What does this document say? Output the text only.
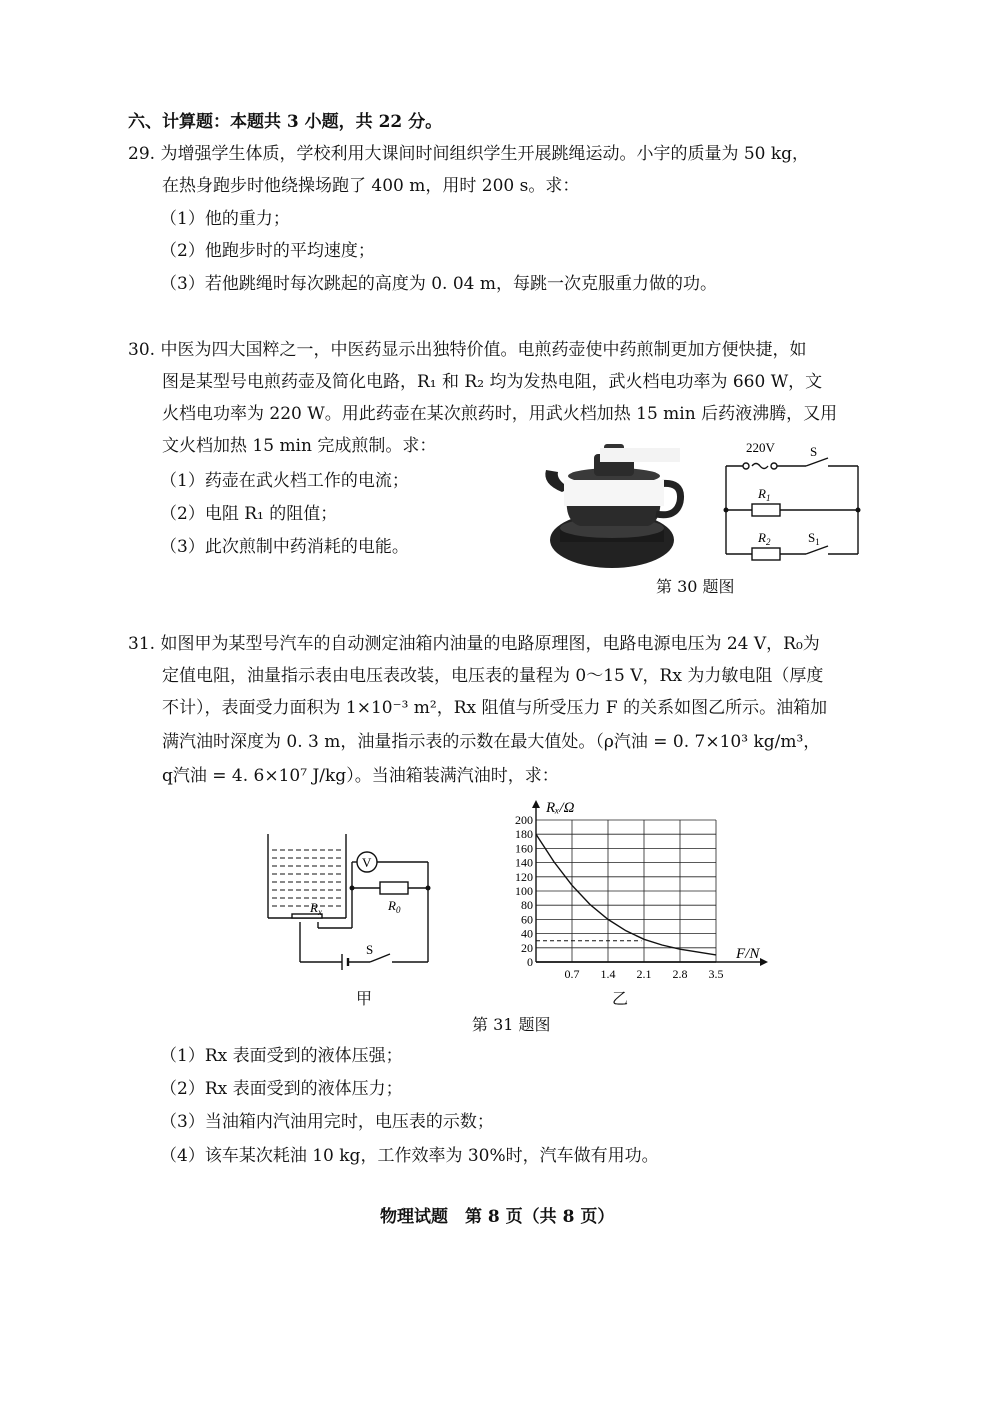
六、计算题：本题共 3 小题，共 22 分。
29. 为增强学生体质，学校利用大课间时间组织学生开展跳绳运动。小宇的质量为 50 kg，
在热身跑步时他绕操场跑了 400 m，用时 200 s。求：
（1）他的重力；
（2）他跑步时的平均速度；
（3）若他跳绳时每次跳起的高度为 0. 04 m，每跳一次克服重力做的功。
30. 中医为四大国粹之一，中医药显示出独特价值。电煎药壶使中药煎制更加方便快捷，如
图是某型号电煎药壶及简化电路，R₁ 和 R₂ 均为发热电阻，武火档电功率为 660 W，文
火档电功率为 220 W。用此药壶在某次煎药时，用武火档加热 15 min 后药液沸腾，又用
文火档加热 15 min 完成煎制。求：
（1）药壶在武火档工作的电流；
（2）电阻 R₁ 的阻值；
（3）此次煎制中药消耗的电能。
220V	S
$R_1$
$R_2$	$S_1$
第 30 题图
31. 如图甲为某型号汽车的自动测定油箱内油量的电路原理图，电路电源电压为 24 V，R₀为
定值电阻，油量指示表由电压表改装，电压表的量程为 0～15 V，Rx 为力敏电阻（厚度
不计），表面受力面积为 1×10⁻³ m²，Rx 阻值与所受压力 F 的关系如图乙所示。油箱加
满汽油时深度为 0. 3 m，油量指示表的示数在最大值处。（ρ汽油 = 0. 7×10³ kg/m³，
q汽油 = 4. 6×10⁷ J/kg）。当油箱装满汽油时，求：
V
$R_0$
$R_x$
S
甲
0
20
40
60
80
100
120
140
160
180
200
0.7 1.4 2.1 2.8 3.5
Rₓ/Ω
F/N
乙
第 31 题图
（1）Rx 表面受到的液体压强；
（2）Rx 表面受到的液体压力；
（3）当油箱内汽油用完时，电压表的示数；
（4）该车某次耗油 10 kg，工作效率为 30%时，汽车做有用功。
物理试题　第 8 页（共 8 页）
